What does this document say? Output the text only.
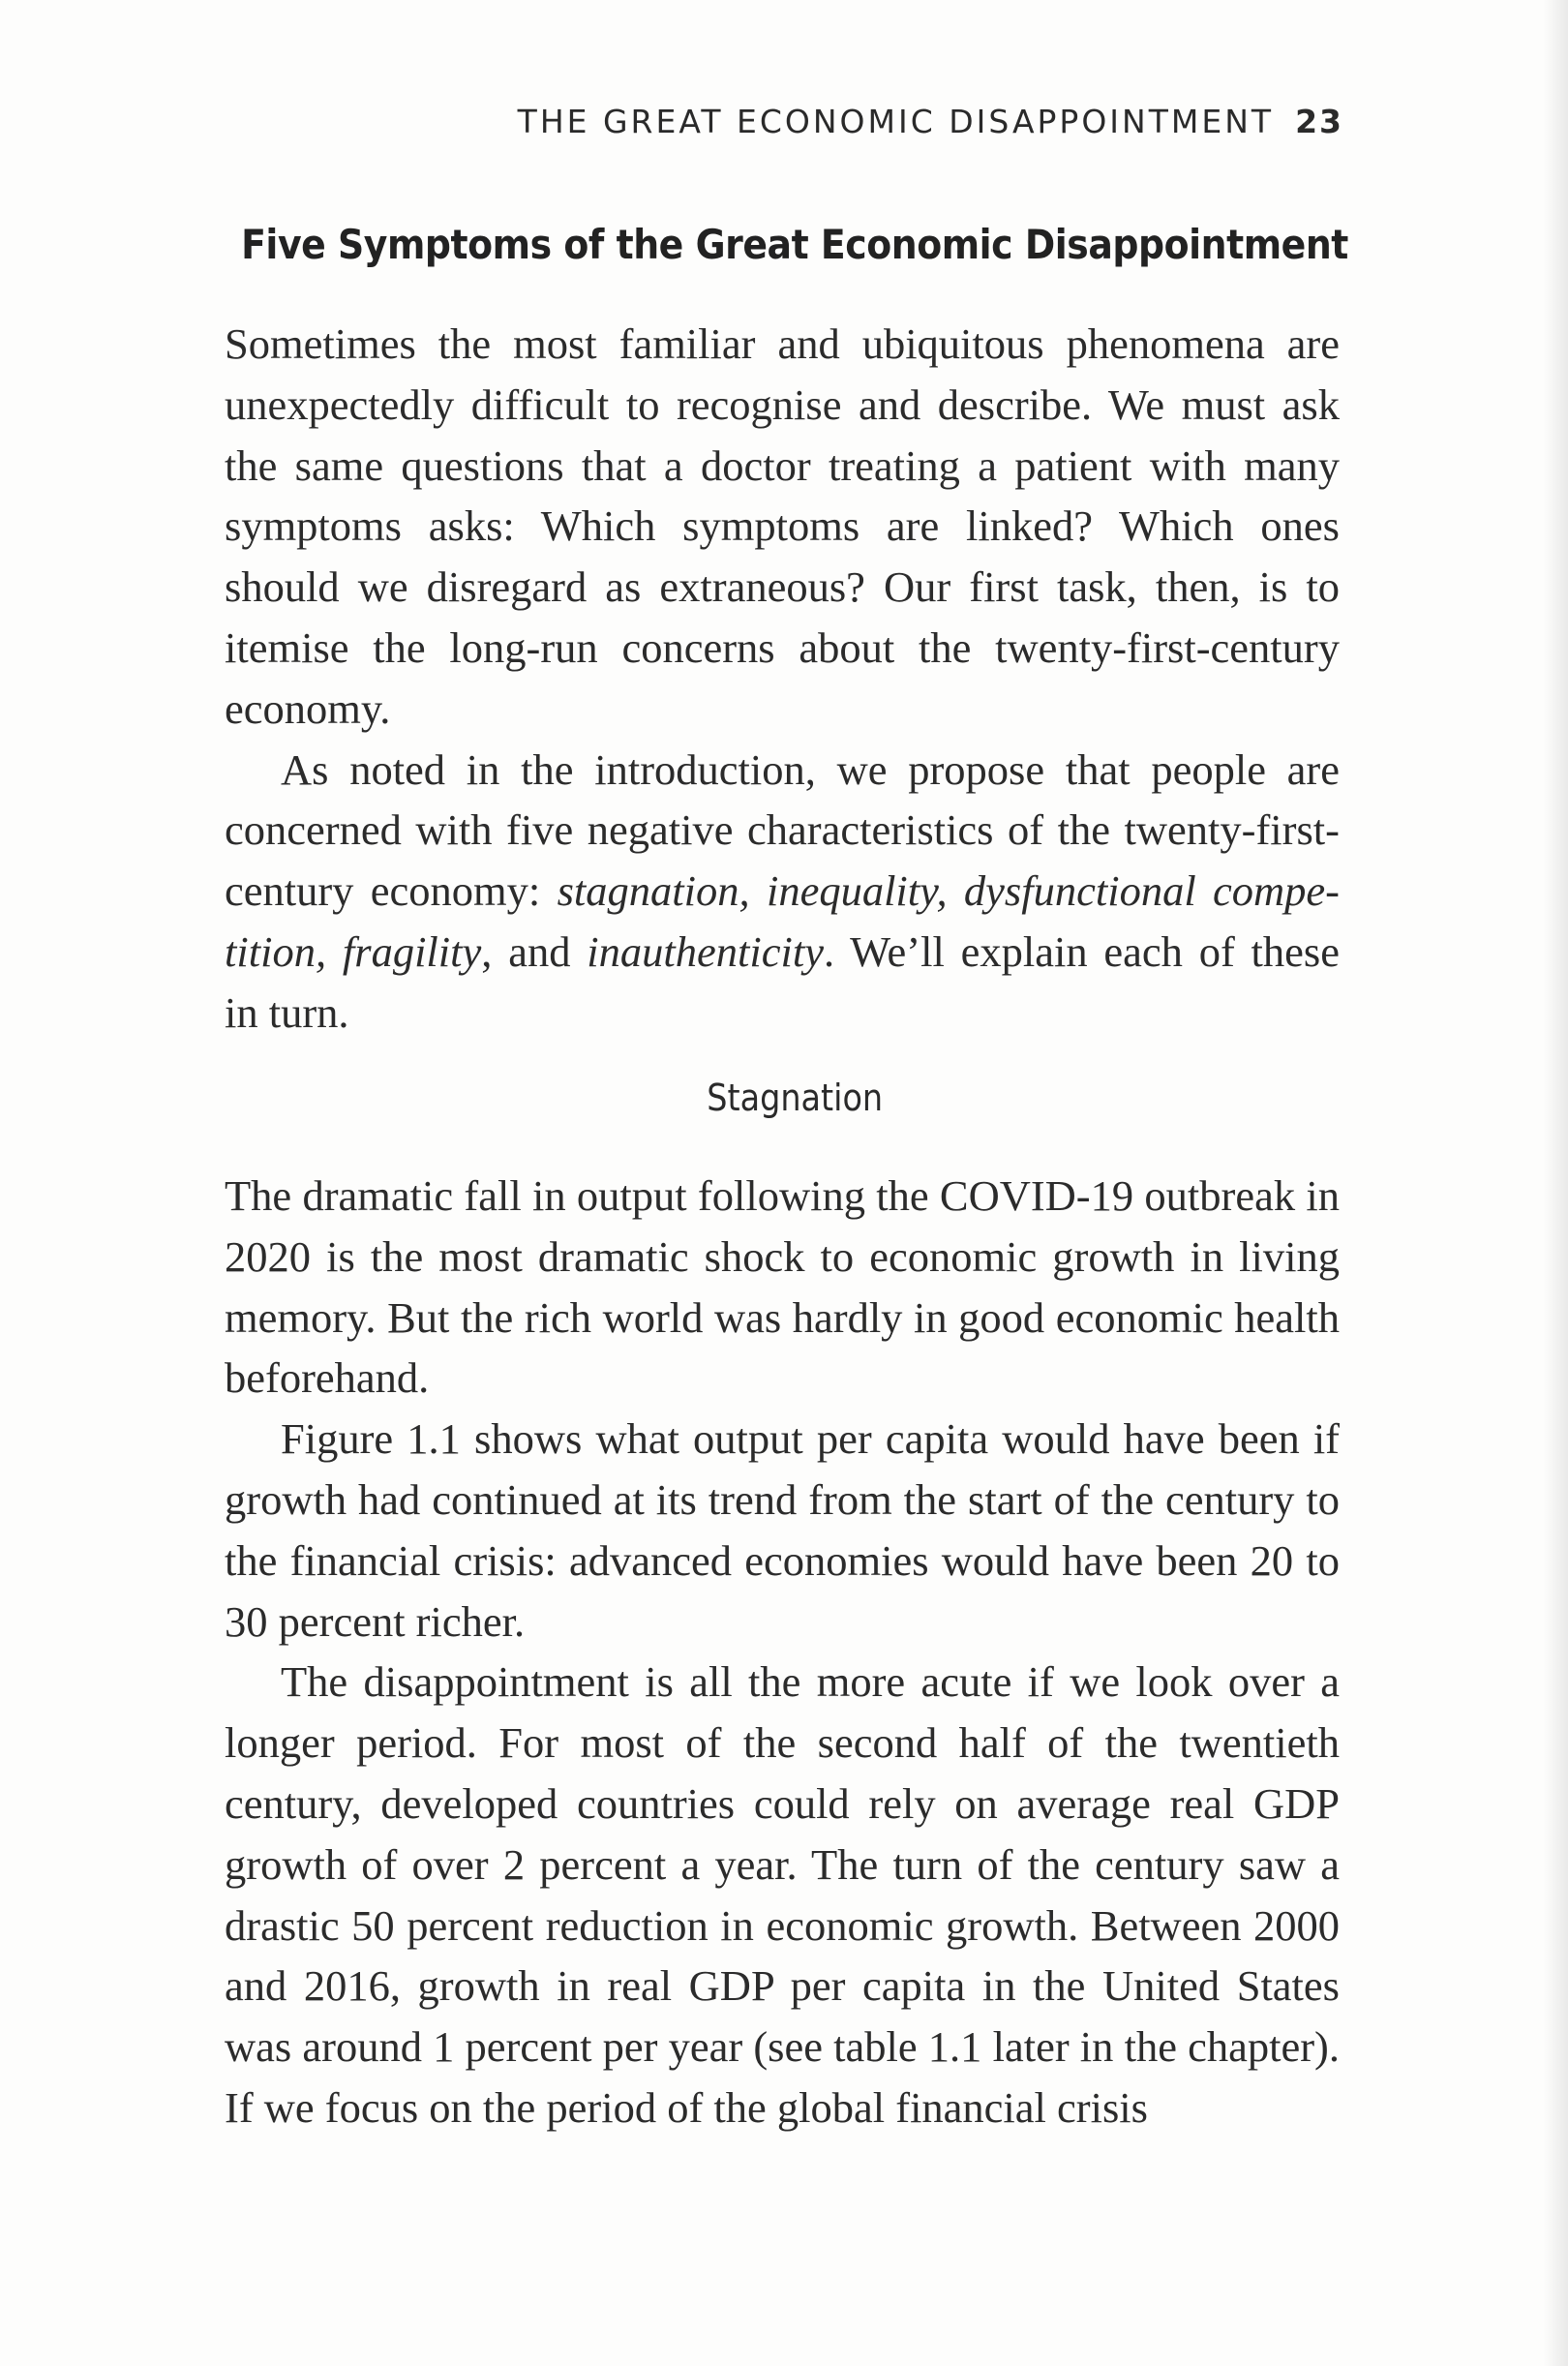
THE GREAT ECONOMIC DISAPPOINTMENT 23
Five Symptoms of the Great Economic Disappointment

Sometimes the most familiar and ubiquitous phenomena are unexpectedly difficult to recognise and describe. We must ask the same questions that a doctor treating a patient with many symptoms asks: Which symptoms are linked? Which ones should we disregard as extraneous? Our first task, then, is to itemise the long-run concerns about the twenty-first-century economy.

As noted in the introduction, we propose that people are concerned with five negative characteristics of the twenty-first-century economy: stagnation, inequality, dysfunctional competition, fragility, and inauthenticity. We’ll explain each of these in turn.

Stagnation

The dramatic fall in output following the COVID-19 outbreak in 2020 is the most dramatic shock to economic growth in living memory. But the rich world was hardly in good economic health beforehand.

Figure 1.1 shows what output per capita would have been if growth had continued at its trend from the start of the century to the financial crisis: advanced economies would have been 20 to 30 percent richer.

The disappointment is all the more acute if we look over a longer period. For most of the second half of the twentieth century, developed countries could rely on average real GDP growth of over 2 percent a year. The turn of the century saw a drastic 50 percent reduction in economic growth. Between 2000 and 2016, growth in real GDP per capita in the United States was around 1 percent per year (see table 1.1 later in the chapter). If we focus on the period of the global financial crisis
